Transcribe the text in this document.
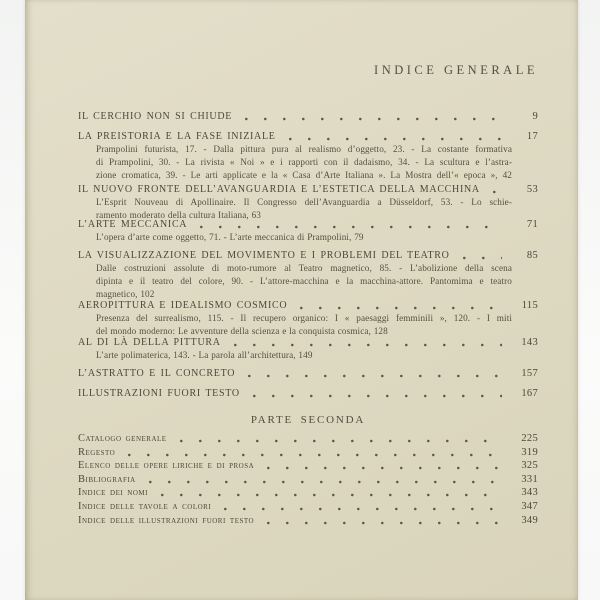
INDICE GENERALE
IL CERCHIO NON SI CHIUDE	9
LA PREISTORIA E LA FASE INIZIALE	17
Prampolini futurista, 17. - Dalla pittura pura al realismo d’oggetto, 23. - La costante formativa
di Prampolini, 30. - La rivista « Noi » e i rapporti con il dadaismo, 34. - La scultura e l’astra-
zione cromatica, 39. - Le arti applicate e la « Casa d’Arte Italiana ». La Mostra dell’« epoca », 42
IL NUOVO FRONTE DELL’AVANGUARDIA E L’ESTETICA DELLA MACCHINA	53
L’Esprit Nouveau di Apollinaire. Il Congresso dell’Avanguardia a Düsseldorf, 53. - Lo schie-
ramento moderato della cultura Italiana, 63
L’ARTE MECCANICA	71
L’opera d’arte come oggetto, 71. - L’arte meccanica di Prampolini, 79
LA VISUALIZZAZIONE DEL MOVIMENTO E I PROBLEMI DEL TEATRO	85
Dalle costruzioni assolute di moto-rumore al Teatro magnetico, 85. - L’abolizione della scena
dipinta e il teatro del colore, 90. - L’attore-macchina e la macchina-attore. Pantomima e teatro
magnetico, 102
AEROPITTURA E IDEALISMO COSMICO	115
Presenza del surrealismo, 115. - Il recupero organico: I « paesaggi femminili », 120. - I miti
del mondo moderno: Le avventure della scienza e la conquista cosmica, 128
AL DI LÀ DELLA PITTURA	143
L’arte polimaterica, 143. - La parola all’architettura, 149
L’ASTRATTO E IL CONCRETO	157
ILLUSTRAZIONI FUORI TESTO	167
PARTE SECONDA
Catalogo generale	225
Regesto	319
Elenco delle opere liriche e di prosa	325
Bibliografia	331
Indice dei nomi	343
Indice delle tavole a colori	347
Indice delle illustrazioni fuori testo	349
